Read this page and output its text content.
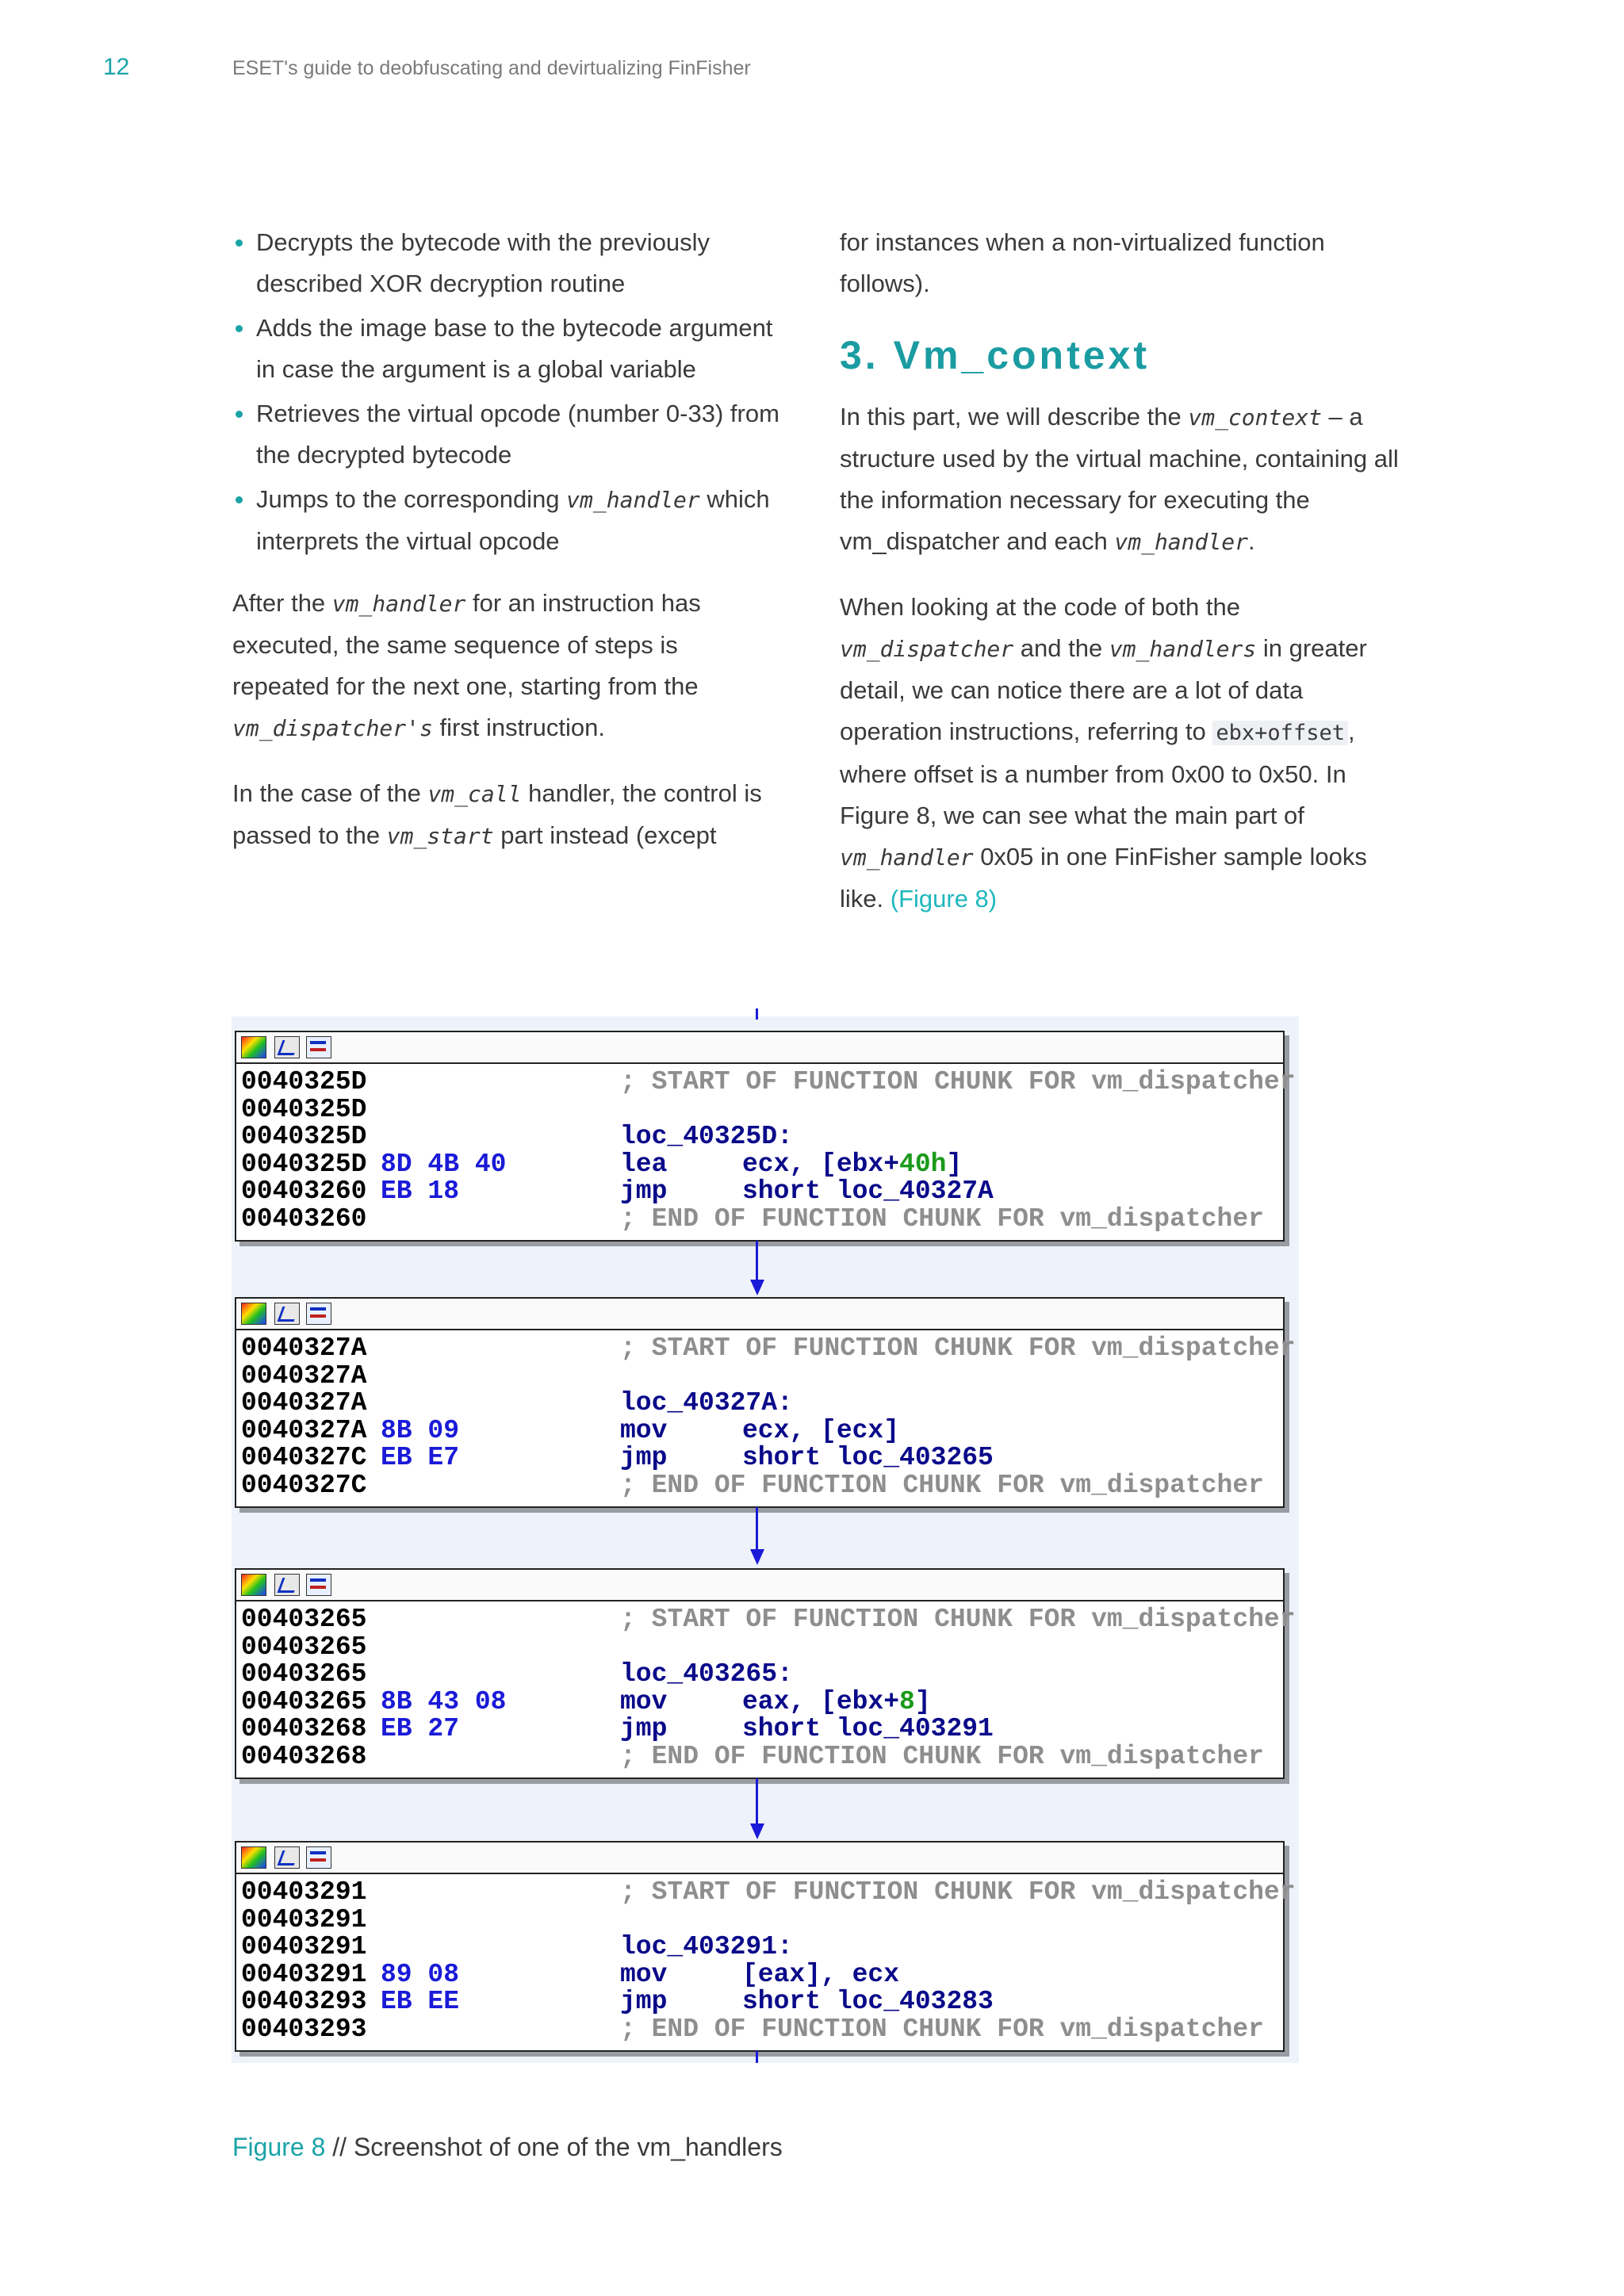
12	ESET's guide to deobfuscating and devirtualizing FinFisher
Decrypts the bytecode with the previously described XOR decryption routine
Adds the image base to the bytecode argument in case the argument is a global variable
Retrieves the virtual opcode (number 0-33) from the decrypted bytecode
Jumps to the corresponding vm_handler which interprets the virtual opcode

After the vm_handler for an instruction has executed, the same sequence of steps is repeated for the next one, starting from the vm_dispatcher's first instruction.

In the case of the vm_call handler, the control is passed to the vm_start part instead (except

for instances when a non-virtualized function follows).

3. Vm_context

In this part, we will describe the vm_context – a structure used by the virtual machine, containing all the information necessary for executing the vm_dispatcher and each vm_handler.

When looking at the code of both the vm_dispatcher and the vm_handlers in greater detail, we can notice there are a lot of data operation instructions, referring to ebx+offset , where offset is a number from 0x00 to 0x50. In Figure 8, we can see what the main part of vm_handler 0x05 in one FinFisher sample looks like. (Figure 8)

0040325D	; START OF FUNCTION CHUNK FOR vm_dispatcher
0040325D
0040325D	loc_40325D:
0040325D 8D 4B 40	lea	ecx, [ebx+40h]
00403260 EB 18	jmp	short loc_40327A
00403260	; END OF FUNCTION CHUNK FOR vm_dispatcher
0040327A	; START OF FUNCTION CHUNK FOR vm_dispatcher
0040327A
0040327A	loc_40327A:
0040327A 8B 09	mov	ecx, [ecx]
0040327C EB E7	jmp	short loc_403265
0040327C	; END OF FUNCTION CHUNK FOR vm_dispatcher
00403265	; START OF FUNCTION CHUNK FOR vm_dispatcher
00403265
00403265	loc_403265:
00403265 8B 43 08	mov	eax, [ebx+8]
00403268 EB 27	jmp	short loc_403291
00403268	; END OF FUNCTION CHUNK FOR vm_dispatcher
00403291	; START OF FUNCTION CHUNK FOR vm_dispatcher
00403291
00403291	loc_403291:
00403291 89 08	mov	[eax], ecx
00403293 EB EE	jmp	short loc_403283
00403293	; END OF FUNCTION CHUNK FOR vm_dispatcher
Figure 8 // Screenshot of one of the vm_handlers
